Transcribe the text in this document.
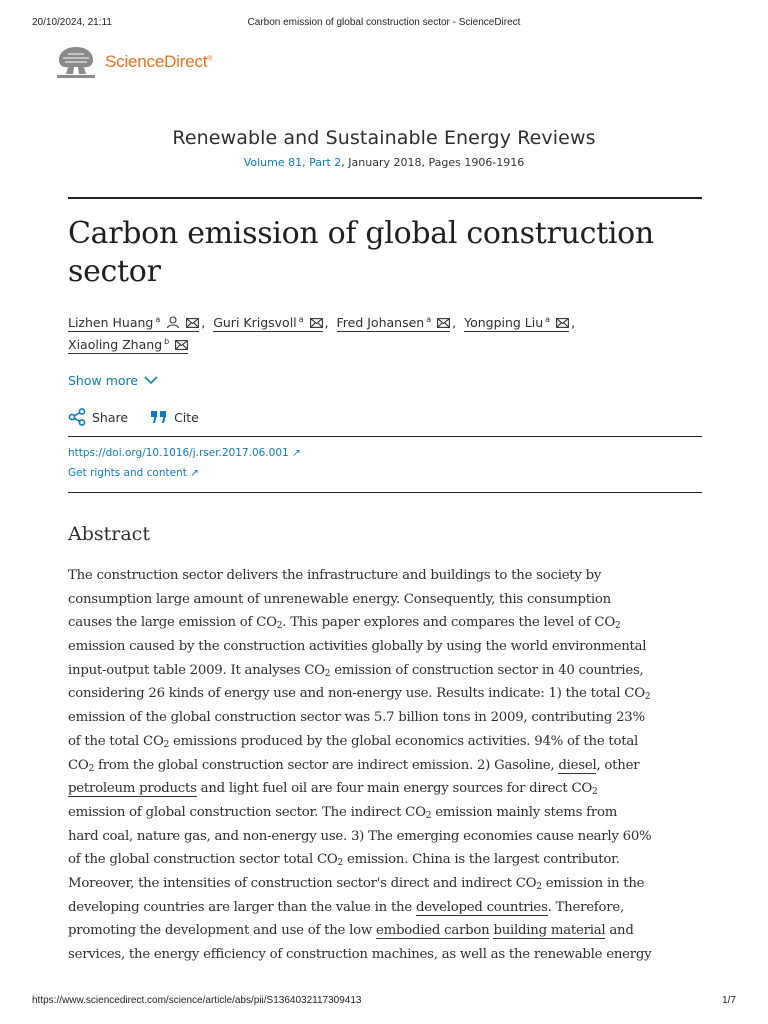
20/10/2024, 21:11	Carbon emission of global construction sector - ScienceDirect
ScienceDirect®
Renewable and Sustainable Energy Reviews
Volume 81, Part 2, January 2018, Pages 1906-1916
Carbon emission of global construction
sector
Lizhen Huang $^a$	, Guri Krigsvoll $^a$ , Fred Johansen $^a$ , Yongping Liu $^a$ ,
Xiaoling Zhang $^b$
Show more
Share	Cite
https://doi.org/10.1016/j.rser.2017.06.001 ↗
Get rights and content ↗
Abstract
The construction sector delivers the infrastructure and buildings to the society by
consumption large amount of unrenewable energy. Consequently, this consumption
causes the large emission of $CO_2$. This paper explores and compares the level of $CO_2$
emission caused by the construction activities globally by using the world environmental
input-output table 2009. It analyses $CO_2$ emission of construction sector in 40 countries,
considering 26 kinds of energy use and non-energy use. Results indicate: 1) the total $CO_2$
emission of the global construction sector was 5.7 billion tons in 2009, contributing 23%
of the total $CO_2$ emissions produced by the global economics activities. 94% of the total
$CO_2$ from the global construction sector are indirect emission. 2) Gasoline, diesel, other
petroleum products and light fuel oil are four main energy sources for direct $CO_2$
emission of global construction sector. The indirect $CO_2$ emission mainly stems from
hard coal, nature gas, and non-energy use. 3) The emerging economies cause nearly 60%
of the global construction sector total $CO_2$ emission. China is the largest contributor.
Moreover, the intensities of construction sector's direct and indirect $CO_2$ emission in the
developing countries are larger than the value in the developed countries. Therefore,
promoting the development and use of the low embodied carbon building material and
services, the energy efficiency of construction machines, as well as the renewable energy
https://www.sciencedirect.com/science/article/abs/pii/S1364032117309413	1/7
